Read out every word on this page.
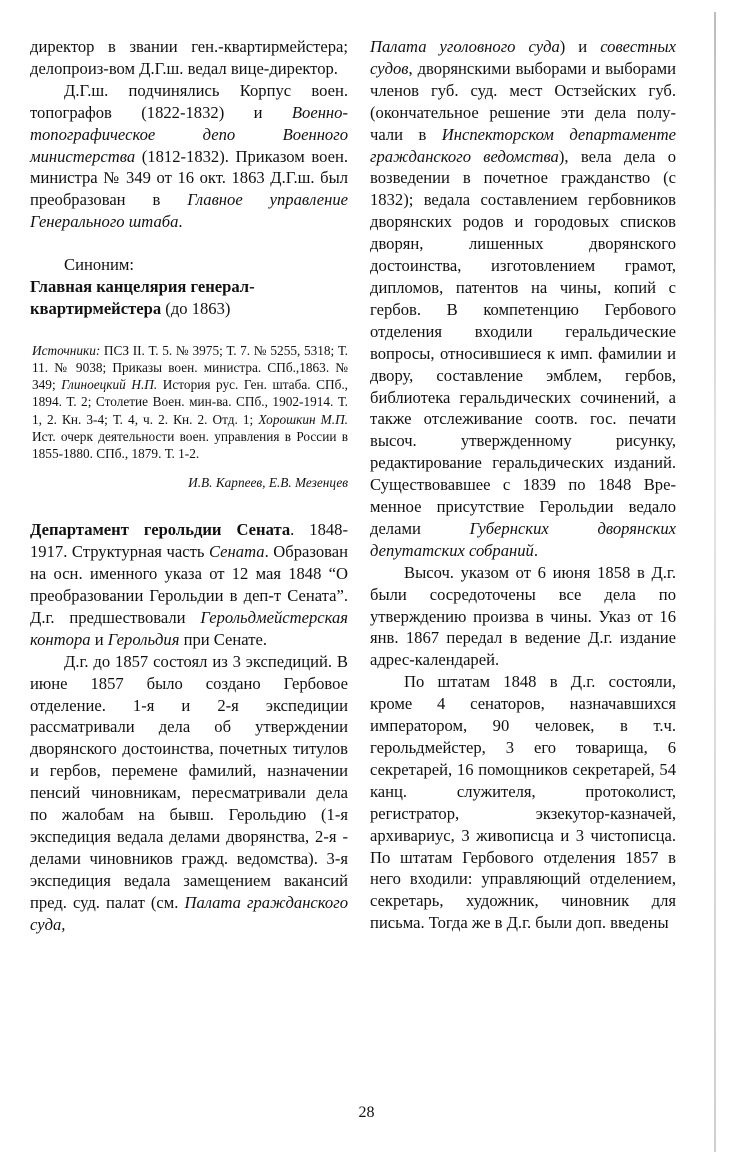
директор в звании ген.-квартирмейстера; делопроиз-вом Д.Г.ш. ведал вице-директор.

Д.Г.ш. подчинялись Корпус воен. топографов (1822-1832) и Военно-топографическое депо Военного министерства (1812-1832). Приказом воен. министра № 349 от 16 окт. 1863 Д.Г.ш. был преобразован в Главное управление Генерального штаба.

Синоним:

Главная канцелярия генерал-квартирмейстера (до 1863)

Источники: ПСЗ II. Т. 5. № 3975; Т. 7. № 5255, 5318; Т. 11. № 9038; Приказы воен. министра. СПб.,1863. № 349; Глиноецкий Н.П. История рус. Ген. штаба. СПб., 1894. Т. 2; Столетие Воен. мин-ва. СПб., 1902-1914. Т. 1, 2. Кн. 3-4; Т. 4, ч. 2. Кн. 2. Отд. 1; Хорошкин М.П. Ист. очерк деятельности воен. управления в России в 1855-1880. СПб., 1879. Т. 1-2.

И.В. Карпеев, Е.В. Мезенцев

Департамент герольдии Сената. 1848-1917. Структурная часть Сената. Образован на осн. именного указа от 12 мая 1848 “О преобразовании Герольдии в деп-т Сената”. Д.г. предшествовали Герольдмейстерская контора и Герольдия при Сенате.

Д.г. до 1857 состоял из 3 экспедиций. В июне 1857 было создано Гербовое отделение. 1-я и 2-я экспедиции рассматривали дела об утверждении дворянского достоинства, почетных титулов и гербов, перемене фамилий, назначении пенсий чиновникам, пересматривали дела по жалобам на бывш. Герольдию (1-я экспедиция ведала делами дворянства, 2-я - делами чиновников гражд. ведомства). 3-я экспедиция ведала замещением вакансий пред. суд. палат (см. Палата гражданского суда,

Палата уголовного суда) и совестных судов, дворянскими выборами и выборами членов губ. суд. мест Остзейских губ. (окончательное решение эти дела получали в Инспекторском департаменте гражданского ведомства), вела дела о возведении в почетное гражданство (с 1832); ведала составлением гербовников дворянских родов и городовых списков дворян, лишенных дворянского достоинства, изготовлением грамот, дипломов, патентов на чины, копий с гербов. В компетенцию Гербового отделения входили геральдические вопросы, относившиеся к имп. фамилии и двору, составление эмблем, гербов, библиотека геральдических сочинений, а также отслеживание соотв. гос. печати высоч. утвержденному рисунку, редактирование геральдических изданий. Существовавшее с 1839 по 1848 Временное присутствие Герольдии ведало делами Губернских дворянских депутатских собраний.

Высоч. указом от 6 июня 1858 в Д.г. были сосредоточены все дела по утверждению произва в чины. Указ от 16 янв. 1867 передал в ведение Д.г. издание адрес-календарей.

По штатам 1848 в Д.г. состояли, кроме 4 сенаторов, назначавшихся императором, 90 человек, в т.ч. герольдмейстер, 3 его товарища, 6 секретарей, 16 помощников секретарей, 54 канц. служителя, протоколист, регистратор, экзекутор-казначей, архивариус, 3 живописца и 3 чистописца. По штатам Гербового отделения 1857 в него входили: управляющий отделением, секретарь, художник, чиновник для письма. Тогда же в Д.г. были доп. введены

28
